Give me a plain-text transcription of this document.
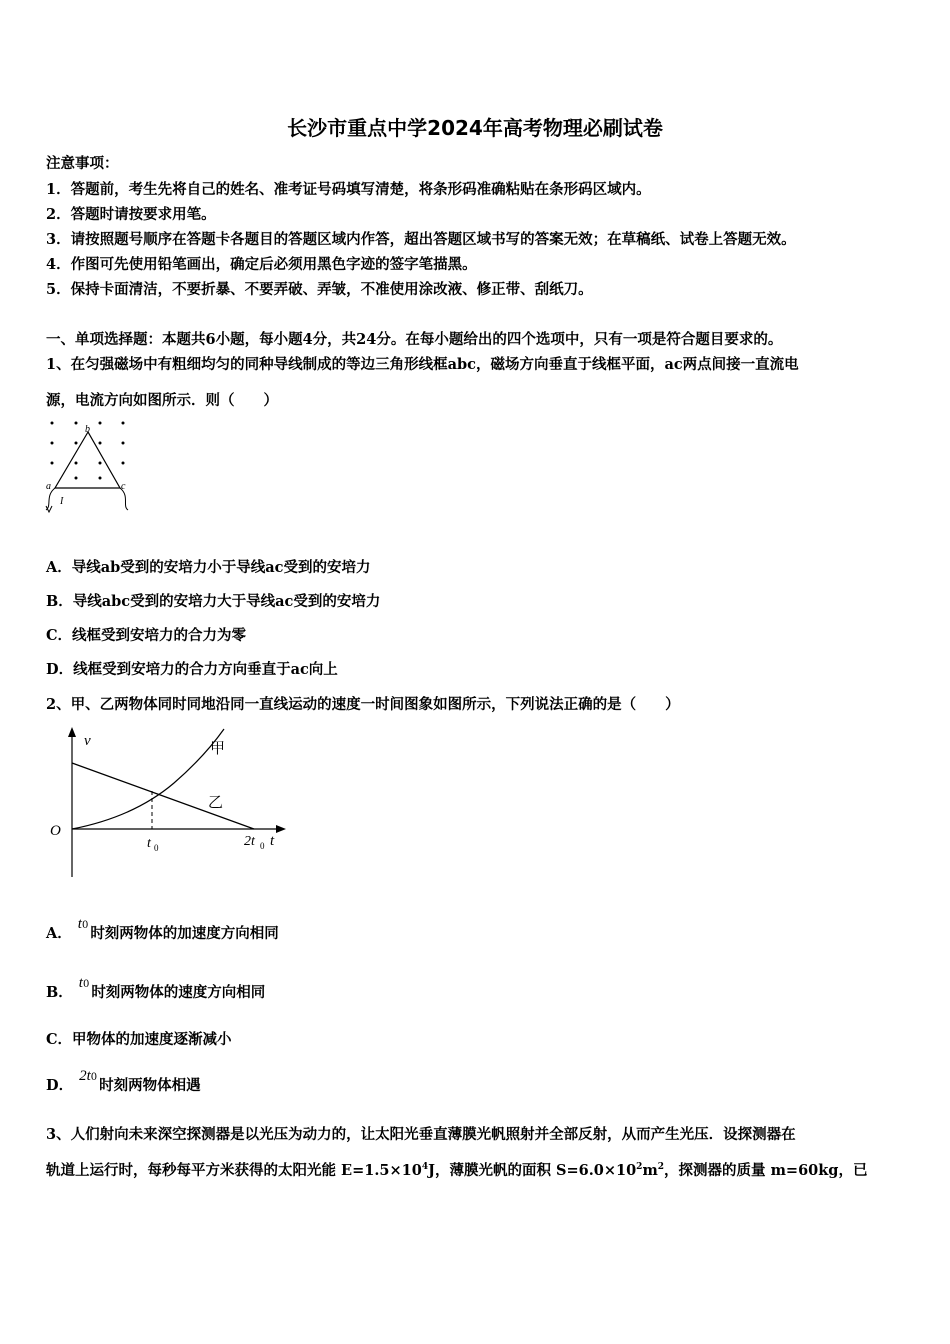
长沙市重点中学2024年高考物理必刷试卷
注意事项：
1．答题前，考生先将自己的姓名、准考证号码填写清楚，将条形码准确粘贴在条形码区域内。
2．答题时请按要求用笔。
3．请按照题号顺序在答题卡各题目的答题区域内作答，超出答题区域书写的答案无效；在草稿纸、试卷上答题无效。
4．作图可先使用铅笔画出，确定后必须用黑色字迹的签字笔描黑。
5．保持卡面清洁，不要折暴、不要弄破、弄皱，不准使用涂改液、修正带、刮纸刀。
一、单项选择题：本题共6小题，每小题4分，共24分。在每小题给出的四个选项中，只有一项是符合题目要求的。
1、在匀强磁场中有粗细均匀的同种导线制成的等边三角形线框abc，磁场方向垂直于线框平面，ac两点间接一直流电
源，电流方向如图所示．则（　　）
b
a	c
I
A．导线ab受到的安培力小于导线ac受到的安培力
B．导线abc受到的安培力大于导线ac受到的安培力
C．线框受到安培力的合力为零
D．线框受到安培力的合力方向垂直于ac向上
2、甲、乙两物体同时同地沿同一直线运动的速度一时间图象如图所示，下列说法正确的是（　　）
v
O
t
甲
乙
t 0	2t 0
A．t0 时刻两物体的加速度方向相同
B．t0 时刻两物体的速度方向相同
C．甲物体的加速度逐渐减小
D．2t0 时刻两物体相遇
3、人们射向未来深空探测器是以光压为动力的，让太阳光垂直薄膜光帆照射并全部反射，从而产生光压．设探测器在
轨道上运行时，每秒每平方米获得的太阳光能 $E=1.5\times 10^4J$，薄膜光帆的面积 $S=6.0\times 10^2m^2$，探测器的质量 m=60kg，已
